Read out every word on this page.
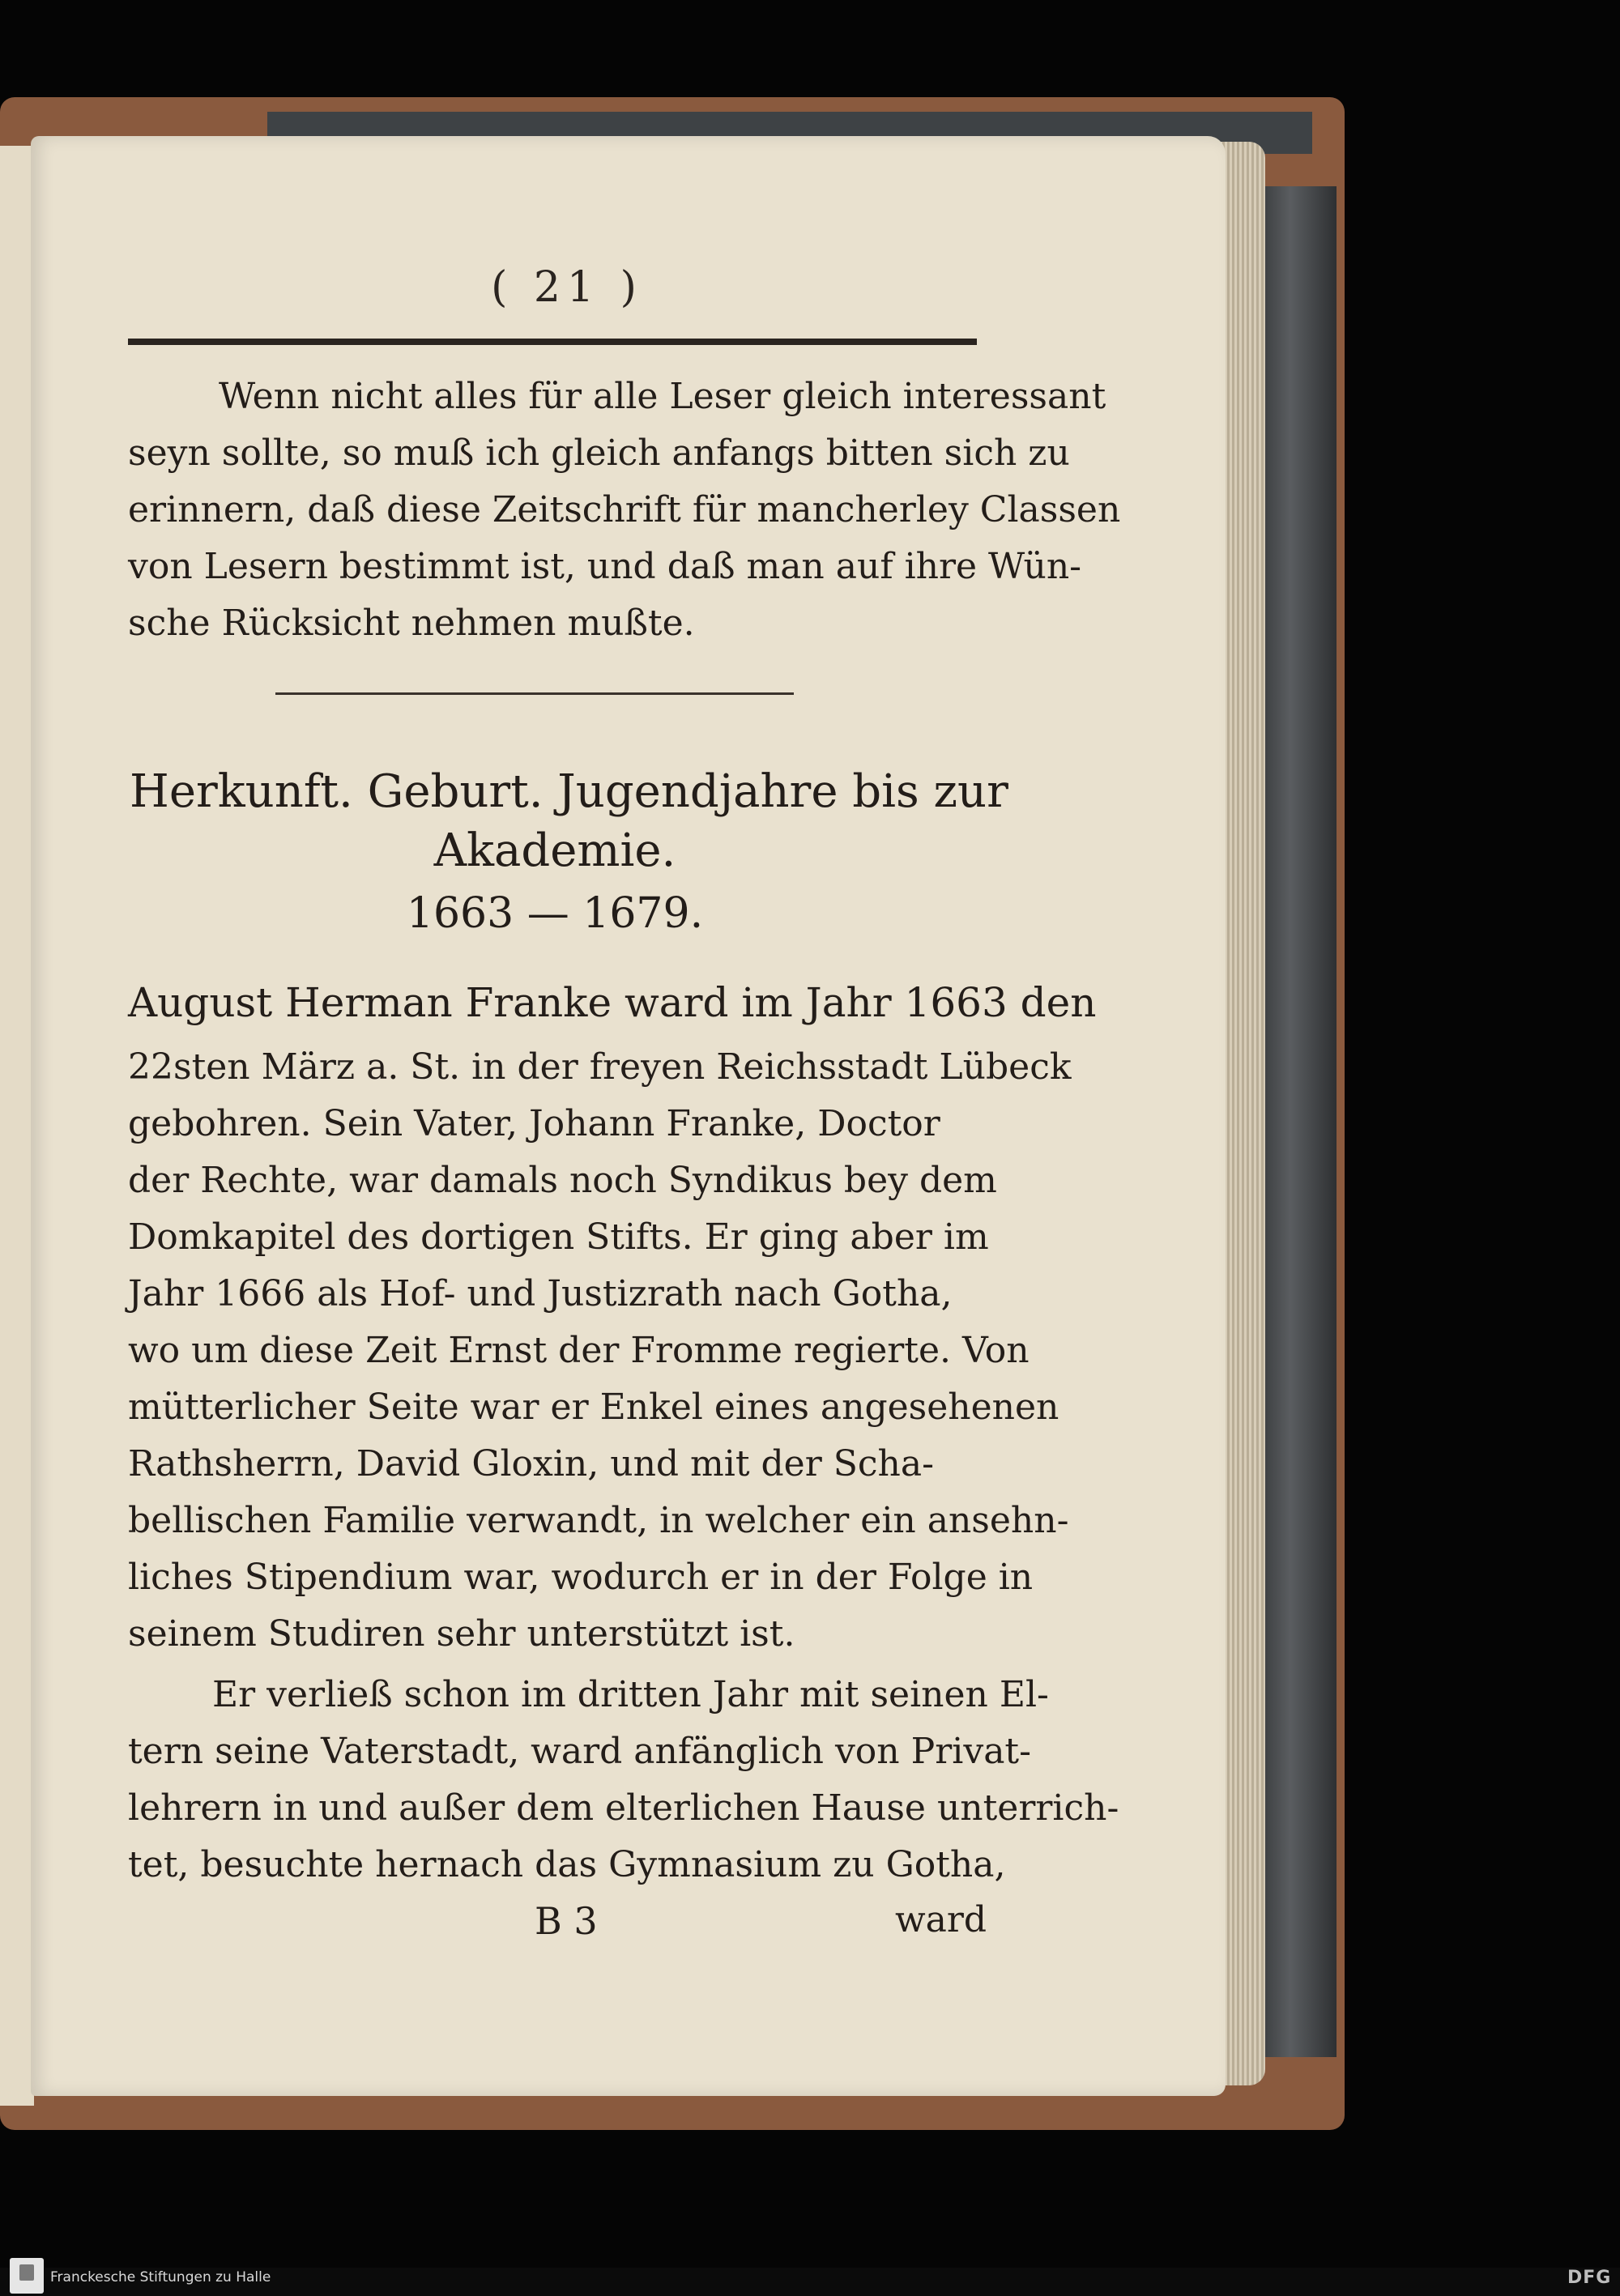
( 21 )
Wenn nicht alles für alle Leser gleich interessant
seyn sollte, so muß ich gleich anfangs bitten sich zu
erinnern, daß diese Zeitschrift für mancherley Classen
von Lesern bestimmt ist, und daß man auf ihre Wün-
sche Rücksicht nehmen mußte.
Herkunft. Geburt. Jugendjahre bis zur
Akademie.
1663 — 1679.
August Herman Franke ward im Jahr 1663 den
22sten März a. St. in der freyen Reichsstadt Lübeck
gebohren. Sein Vater, Johann Franke, Doctor
der Rechte, war damals noch Syndikus bey dem
Domkapitel des dortigen Stifts. Er ging aber im
Jahr 1666 als Hof- und Justizrath nach Gotha,
wo um diese Zeit Ernst der Fromme regierte. Von
mütterlicher Seite war er Enkel eines angesehenen
Rathsherrn, David Gloxin, und mit der Scha-
bellischen Familie verwandt, in welcher ein ansehn-
liches Stipendium war, wodurch er in der Folge in
seinem Studiren sehr unterstützt ist.
Er verließ schon im dritten Jahr mit seinen El-
tern seine Vaterstadt, ward anfänglich von Privat-
lehrern in und außer dem elterlichen Hause unterrich-
tet, besuchte hernach das Gymnasium zu Gotha,
B 3	ward
Franckesche Stiftungen zu Halle	DFG
